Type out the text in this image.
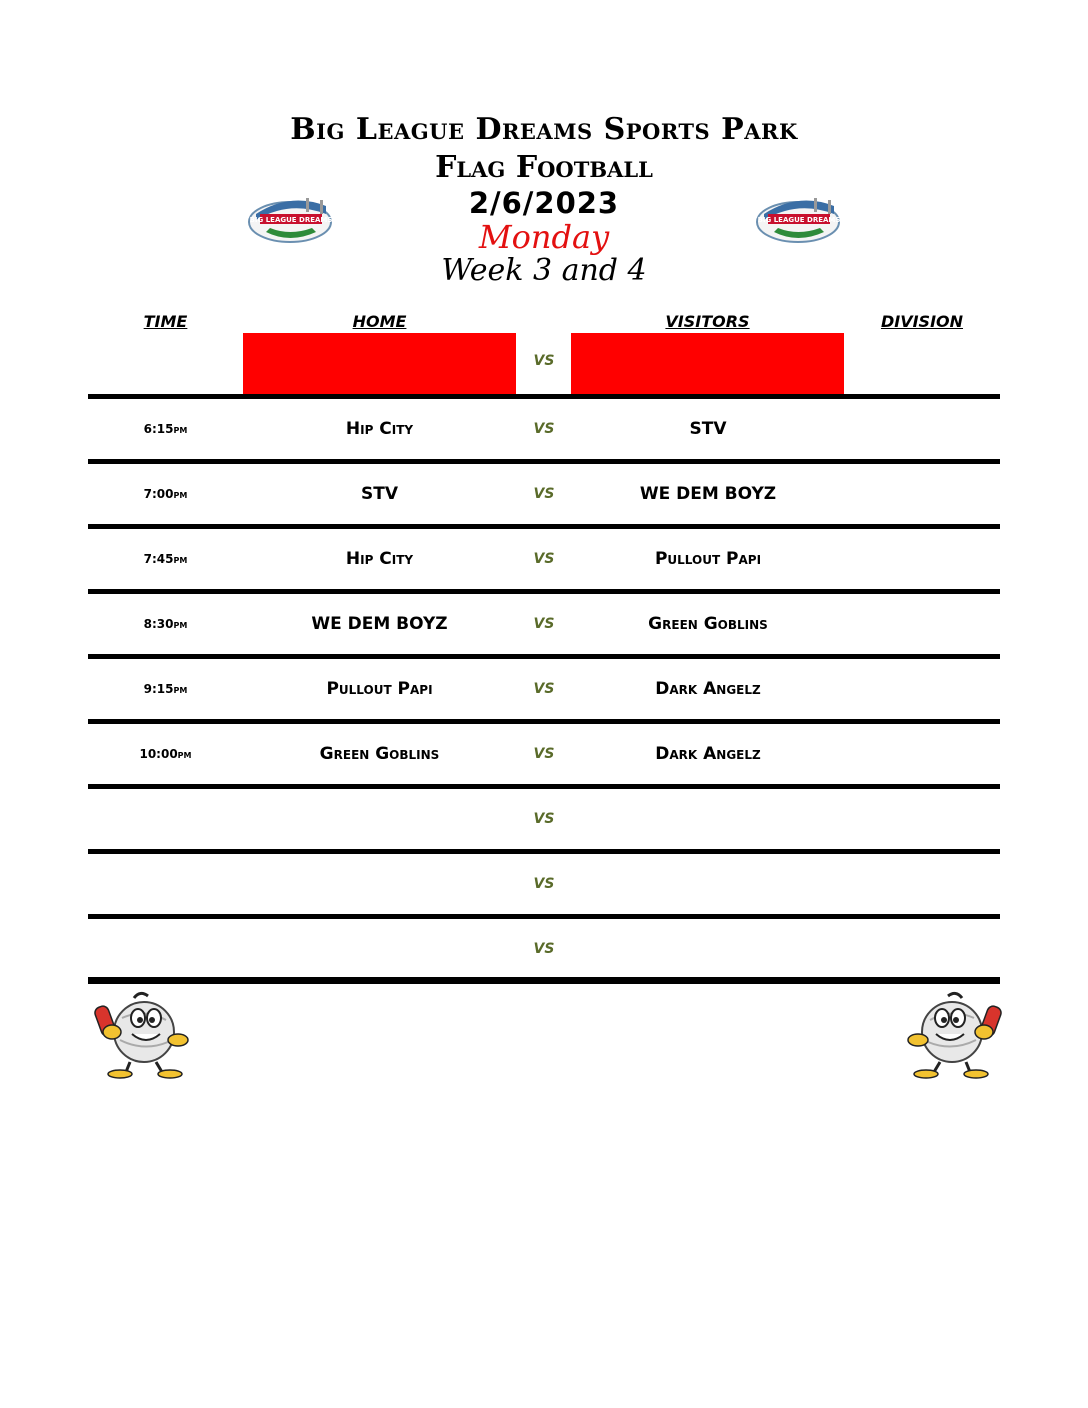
Big League Dreams Sports Park
Flag Football
2/6/2023
Monday
Week 3 and 4
BIG LEAGUE DREAMS	BIG LEAGUE DREAMS
TIME	HOME	VISITORS	DIVISION
VS
6:15pm	Hip City	VS	STV
7:00pm	STV	VS	WE DEM BOYZ
7:45pm	Hip City	VS	Pullout Papi
8:30pm	WE DEM BOYZ	VS	Green Goblins
9:15pm	Pullout Papi	VS	Dark Angelz
10:00pm	Green Goblins	VS	Dark Angelz
VS
VS
VS
